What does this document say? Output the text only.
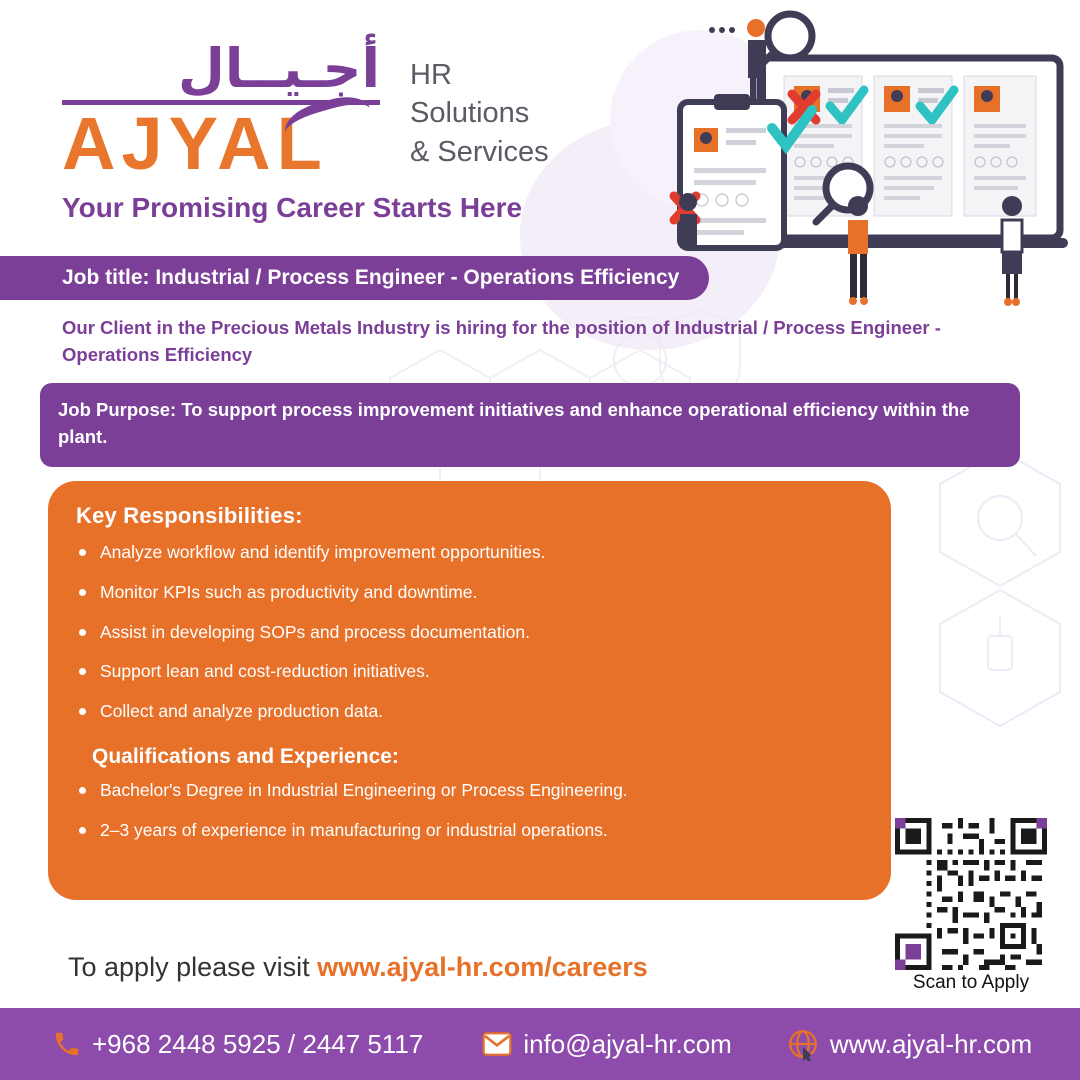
أجـيــال
AJYAL
HR
Solutions
& Services
Your Promising Career Starts Here
Job title: Industrial / Process Engineer - Operations Efficiency
Our Client in the Precious Metals Industry is hiring for the position of Industrial / Process Engineer - Operations Efficiency
Job Purpose: To support process improvement initiatives and enhance operational efficiency within the plant.
Key Responsibilities:
Analyze workflow and identify improvement opportunities.
Monitor KPIs such as productivity and downtime.
Assist in developing SOPs and process documentation.
Support lean and cost-reduction initiatives.
Collect and analyze production data.
Qualifications and Experience:
Bachelor's Degree in Industrial Engineering or Process Engineering.
2–3 years of experience in manufacturing or industrial operations.
Scan to Apply
To apply please visit www.ajyal-hr.com/careers
+968 2448 5925 / 2447 5117	info@ajyal-hr.com	www.ajyal-hr.com
